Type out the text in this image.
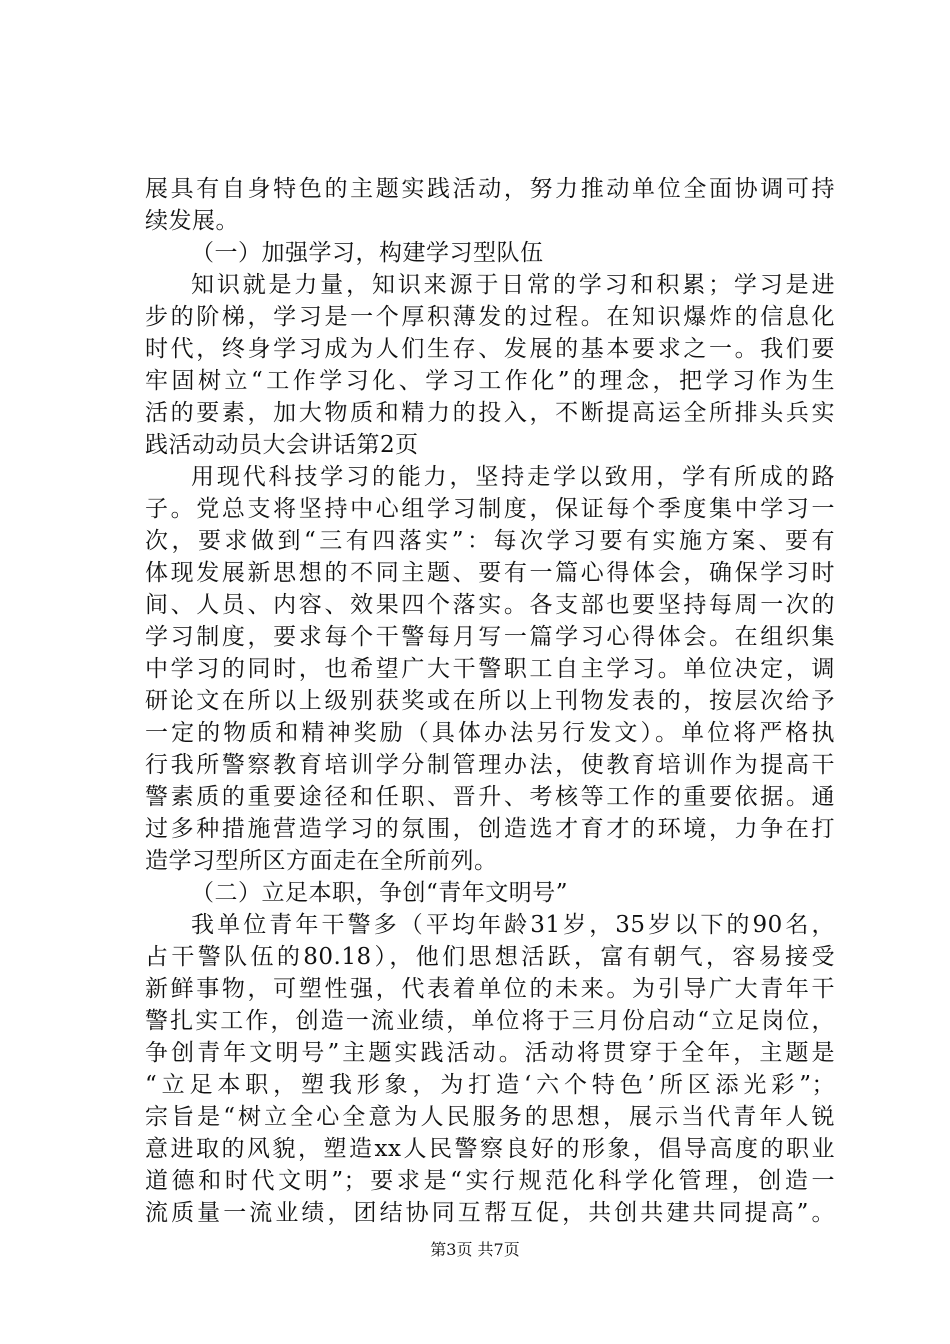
展具有自身特色的主题实践活动，努力推动单位全面协调可持
续发展。
（一）加强学习，构建学习型队伍
知识就是力量，知识来源于日常的学习和积累；学习是进
步的阶梯，学习是一个厚积薄发的过程。在知识爆炸的信息化
时代，终身学习成为人们生存、发展的基本要求之一。我们要
牢固树立“工作学习化、学习工作化”的理念，把学习作为生
活的要素，加大物质和精力的投入，不断提高运全所排头兵实
践活动动员大会讲话第2页
用现代科技学习的能力，坚持走学以致用，学有所成的路
子。党总支将坚持中心组学习制度，保证每个季度集中学习一
次，要求做到“三有四落实”：每次学习要有实施方案、要有
体现发展新思想的不同主题、要有一篇心得体会，确保学习时
间、人员、内容、效果四个落实。各支部也要坚持每周一次的
学习制度，要求每个干警每月写一篇学习心得体会。在组织集
中学习的同时，也希望广大干警职工自主学习。单位决定，调
研论文在所以上级别获奖或在所以上刊物发表的，按层次给予
一定的物质和精神奖励（具体办法另行发文）。单位将严格执
行我所警察教育培训学分制管理办法，使教育培训作为提高干
警素质的重要途径和任职、晋升、考核等工作的重要依据。通
过多种措施营造学习的氛围，创造选才育才的环境，力争在打
造学习型所区方面走在全所前列。
（二）立足本职，争创“青年文明号”
我单位青年干警多（平均年龄31岁，35岁以下的90名，
占干警队伍的80.18），他们思想活跃，富有朝气，容易接受
新鲜事物，可塑性强，代表着单位的未来。为引导广大青年干
警扎实工作，创造一流业绩，单位将于三月份启动“立足岗位，
争创青年文明号”主题实践活动。活动将贯穿于全年，主题是
“立足本职，塑我形象，为打造‘六个特色’所区添光彩”；
宗旨是“树立全心全意为人民服务的思想，展示当代青年人锐
意进取的风貌，塑造xx人民警察良好的形象，倡导高度的职业
道德和时代文明”；要求是“实行规范化科学化管理，创造一
流质量一流业绩，团结协同互帮互促，共创共建共同提高”。
第3页 共7页
